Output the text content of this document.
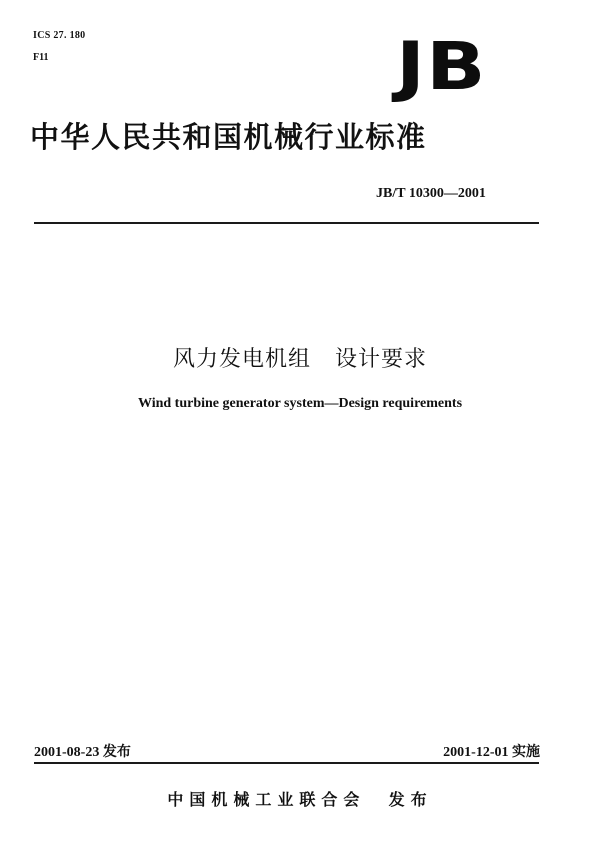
ICS 27. 180
F11	JB
中华人民共和国机械行业标准
JB/T 10300—2001
风力发电机组   设计要求
Wind turbine generator system—Design requirements
2001-08-23 发布	2001-12-01 实施
中国机械工业联合会  发布
